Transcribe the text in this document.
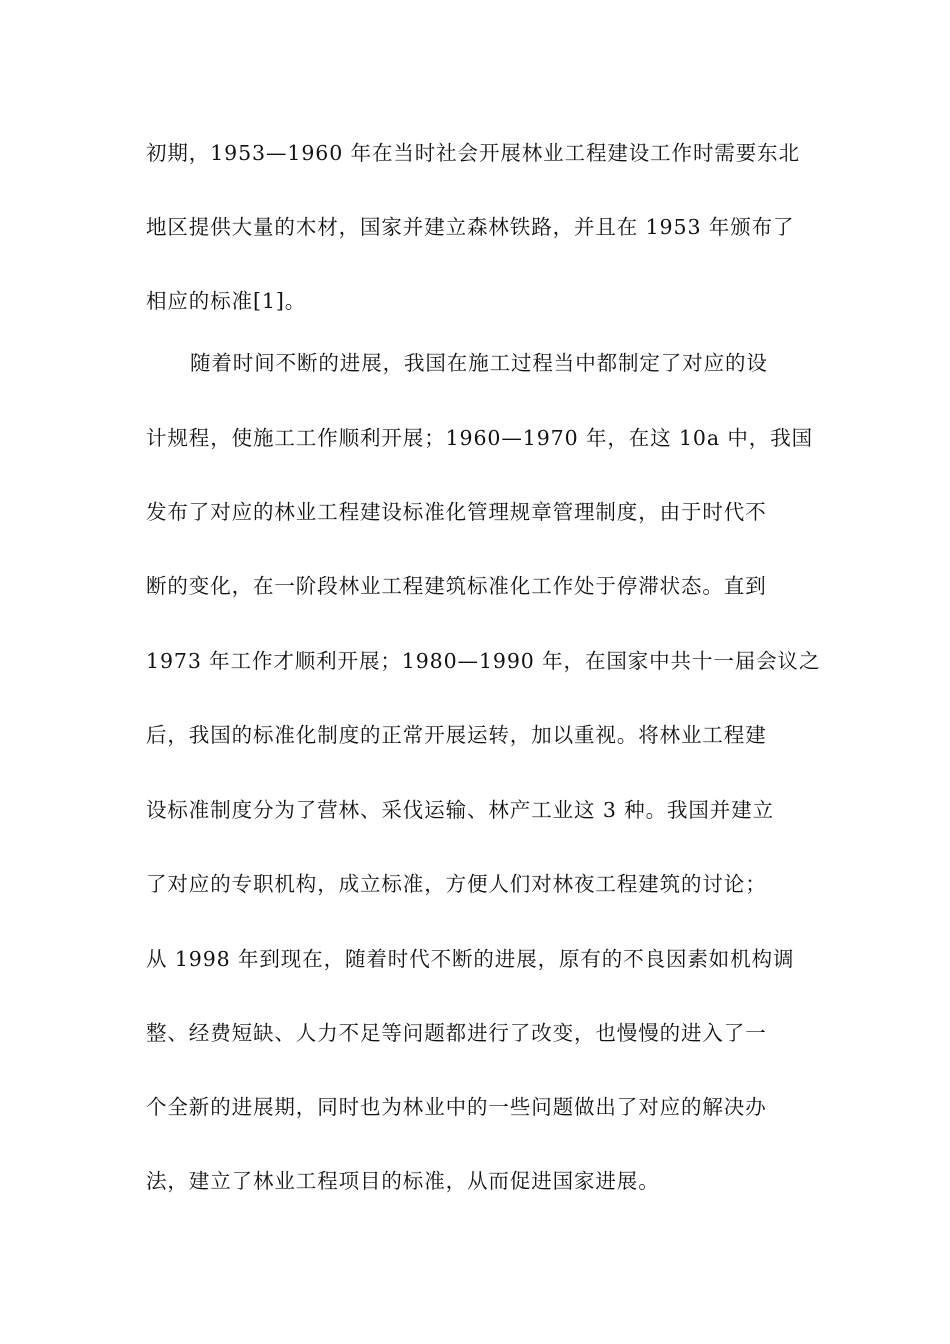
初期，1953—1960 年在当时社会开展林业工程建设工作时需要东北
地区提供大量的木材，国家并建立森林铁路，并且在 1953 年颁布了
相应的标准[1]。
随着时间不断的进展，我国在施工过程当中都制定了对应的设
计规程，使施工工作顺利开展；1960—1970 年，在这 10a 中，我国
发布了对应的林业工程建设标准化管理规章管理制度，由于时代不
断的变化，在一阶段林业工程建筑标准化工作处于停滞状态。直到
1973 年工作才顺利开展；1980—1990 年，在国家中共十一届会议之
后，我国的标准化制度的正常开展运转，加以重视。将林业工程建
设标准制度分为了营林、采伐运输、林产工业这 3 种。我国并建立
了对应的专职机构，成立标准，方便人们对林夜工程建筑的讨论；
从 1998 年到现在，随着时代不断的进展，原有的不良因素如机构调
整、经费短缺、人力不足等问题都进行了改变，也慢慢的进入了一
个全新的进展期，同时也为林业中的一些问题做出了对应的解决办
法，建立了林业工程项目的标准，从而促进国家进展。
